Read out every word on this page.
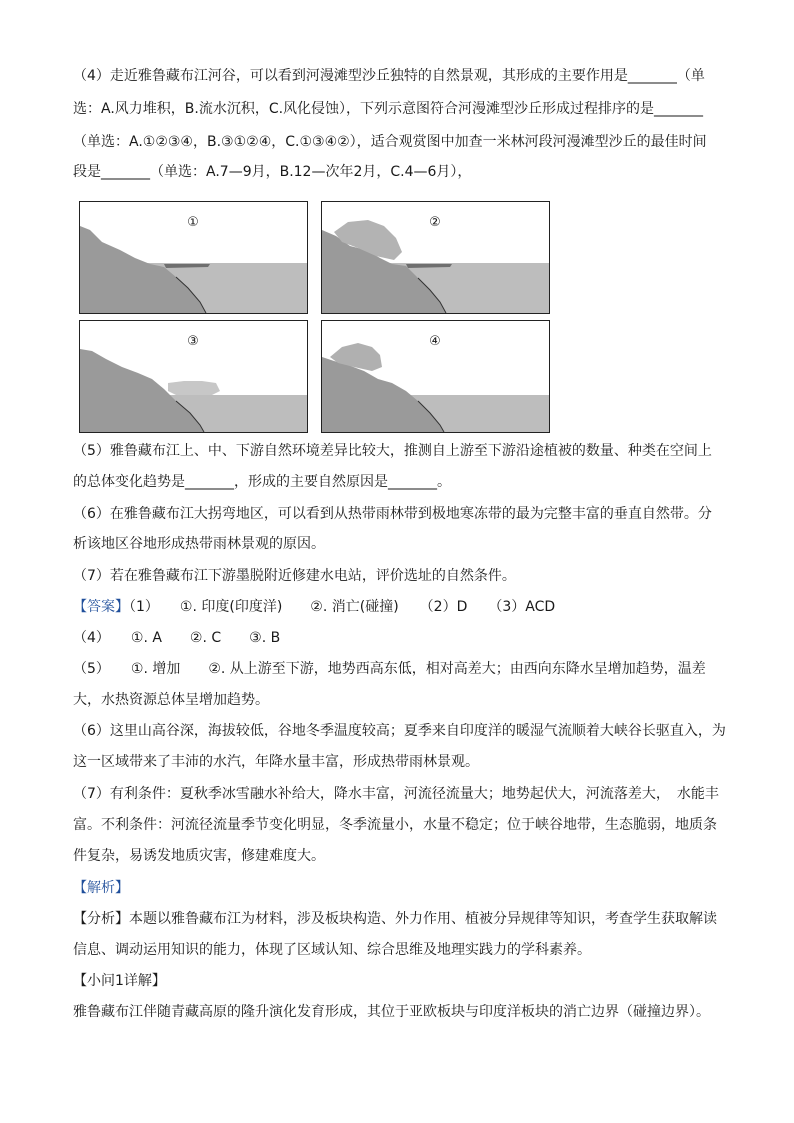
（4）走近雅鲁藏布江河谷，可以看到河漫滩型沙丘独特的自然景观，其形成的主要作用是_______（单
选：A.风力堆积，B.流水沉积，C.风化侵蚀），下列示意图符合河漫滩型沙丘形成过程排序的是_______
（单选：A.①②③④，B.③①②④，C.①③④②），适合观赏图中加查一米林河段河漫滩型沙丘的最佳时间
段是_______（单选：A.7—9月，B.12—次年2月，C.4—6月），
①	②
③	④
（5）雅鲁藏布江上、中、下游自然环境差异比较大，推测自上游至下游沿途植被的数量、种类在空间上
的总体变化趋势是_______，形成的主要自然原因是_______。
（6）在雅鲁藏布江大拐弯地区，可以看到从热带雨林带到极地寒冻带的最为完整丰富的垂直自然带。分
析该地区谷地形成热带雨林景观的原因。
（7）若在雅鲁藏布江下游墨脱附近修建水电站，评价选址的自然条件。
【答案】（1）　　①. 印度(印度洋)　　②. 消亡(碰撞)　　（2）D　　（3）ACD
（4）　　①. A　　②. C　　③. B
（5）　　①. 增加　　②. 从上游至下游，地势西高东低，相对高差大；由西向东降水呈增加趋势，温差
大，水热资源总体呈增加趋势。
（6）这里山高谷深，海拔较低，谷地冬季温度较高；夏季来自印度洋的暖湿气流顺着大峡谷长驱直入，为
这一区域带来了丰沛的水汽，年降水量丰富，形成热带雨林景观。
（7）有利条件：夏秋季冰雪融水补给大，降水丰富，河流径流量大；地势起伏大，河流落差大，　水能丰
富。不利条件：河流径流量季节变化明显，冬季流量小，水量不稳定；位于峡谷地带，生态脆弱，地质条
件复杂，易诱发地质灾害，修建难度大。
【解析】
【分析】本题以雅鲁藏布江为材料，涉及板块构造、外力作用、植被分异规律等知识，考查学生获取解读
信息、调动运用知识的能力，体现了区域认知、综合思维及地理实践力的学科素养。
【小问1详解】
雅鲁藏布江伴随青藏高原的隆升演化发育形成，其位于亚欧板块与印度洋板块的消亡边界（碰撞边界）。
